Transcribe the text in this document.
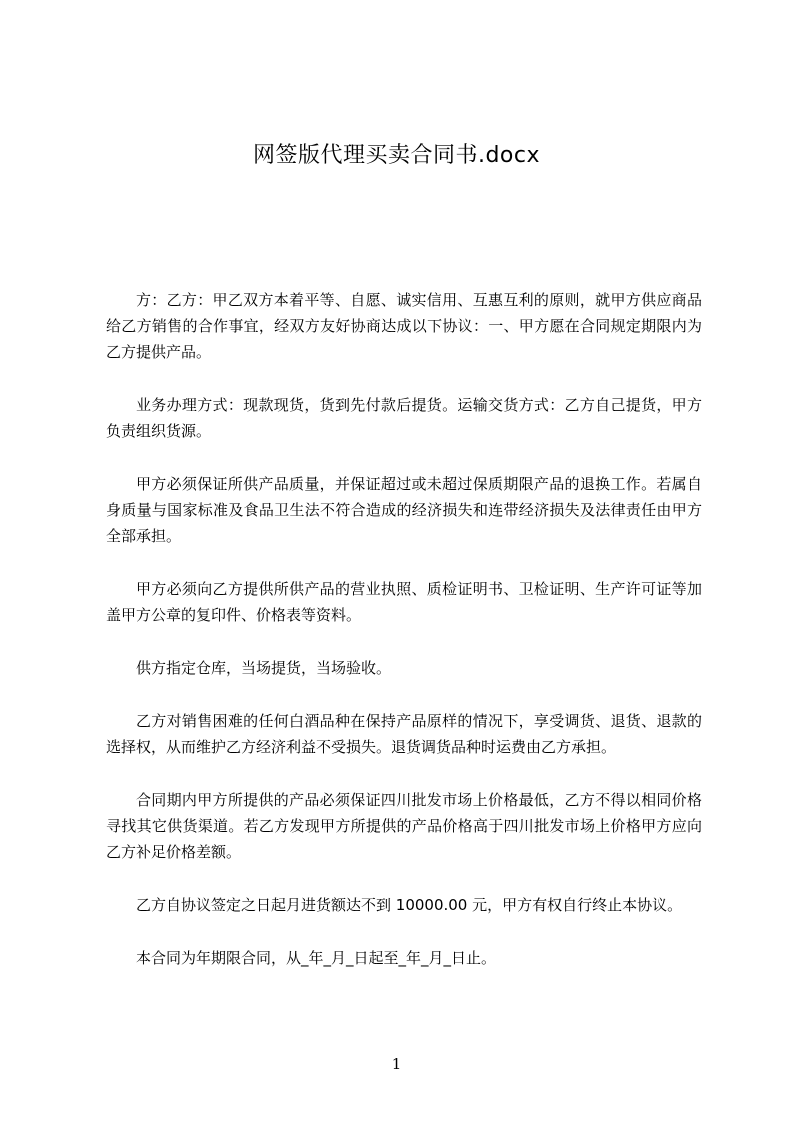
网签版代理买卖合同书.docx

方：乙方：甲乙双方本着平等、自愿、诚实信用、互惠互利的原则，就甲方供应商品给乙方销售的合作事宜，经双方友好协商达成以下协议：一、甲方愿在合同规定期限内为乙方提供产品。

业务办理方式：现款现货，货到先付款后提货。运输交货方式：乙方自己提货，甲方负责组织货源。

甲方必须保证所供产品质量，并保证超过或未超过保质期限产品的退换工作。若属自身质量与国家标准及食品卫生法不符合造成的经济损失和连带经济损失及法律责任由甲方全部承担。

甲方必须向乙方提供所供产品的营业执照、质检证明书、卫检证明、生产许可证等加盖甲方公章的复印件、价格表等资料。

供方指定仓库，当场提货，当场验收。

乙方对销售困难的任何白酒品种在保持产品原样的情况下，享受调货、退货、退款的选择权，从而维护乙方经济利益不受损失。退货调货品种时运费由乙方承担。

合同期内甲方所提供的产品必须保证四川批发市场上价格最低，乙方不得以相同价格寻找其它供货渠道。若乙方发现甲方所提供的产品价格高于四川批发市场上价格甲方应向乙方补足价格差额。

乙方自协议签定之日起月进货额达不到 10000.00 元，甲方有权自行终止本协议。

本合同为年期限合同，从_年_月_日起至_年_月_日止。

1
